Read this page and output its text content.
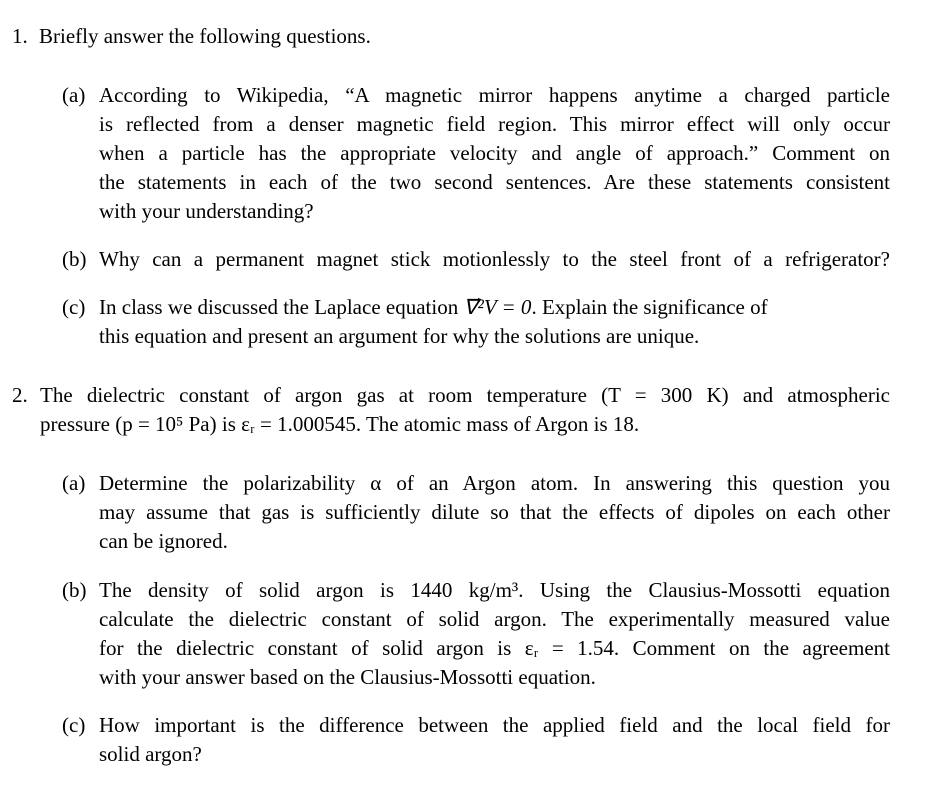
1. Briefly answer the following questions.
(a) According to Wikipedia, “A magnetic mirror happens anytime a charged particle
is reflected from a denser magnetic field region. This mirror effect will only occur
when a particle has the appropriate velocity and angle of approach.” Comment on
the statements in each of the two second sentences. Are these statements consistent
with your understanding?
(b) Why can a permanent magnet stick motionlessly to the steel front of a refrigerator?
(c) In class we discussed the Laplace equation ∇⃗²V = 0. Explain the significance of
this equation and present an argument for why the solutions are unique.
2. The dielectric constant of argon gas at room temperature (T = 300 K) and atmospheric
pressure (p = 10⁵ Pa) is εᵣ = 1.000545. The atomic mass of Argon is 18.
(a) Determine the polarizability α of an Argon atom. In answering this question you
may assume that gas is sufficiently dilute so that the effects of dipoles on each other
can be ignored.
(b) The density of solid argon is 1440 kg/m³. Using the Clausius-Mossotti equation
calculate the dielectric constant of solid argon. The experimentally measured value
for the dielectric constant of solid argon is εᵣ = 1.54. Comment on the agreement
with your answer based on the Clausius-Mossotti equation.
(c) How important is the difference between the applied field and the local field for
solid argon?
